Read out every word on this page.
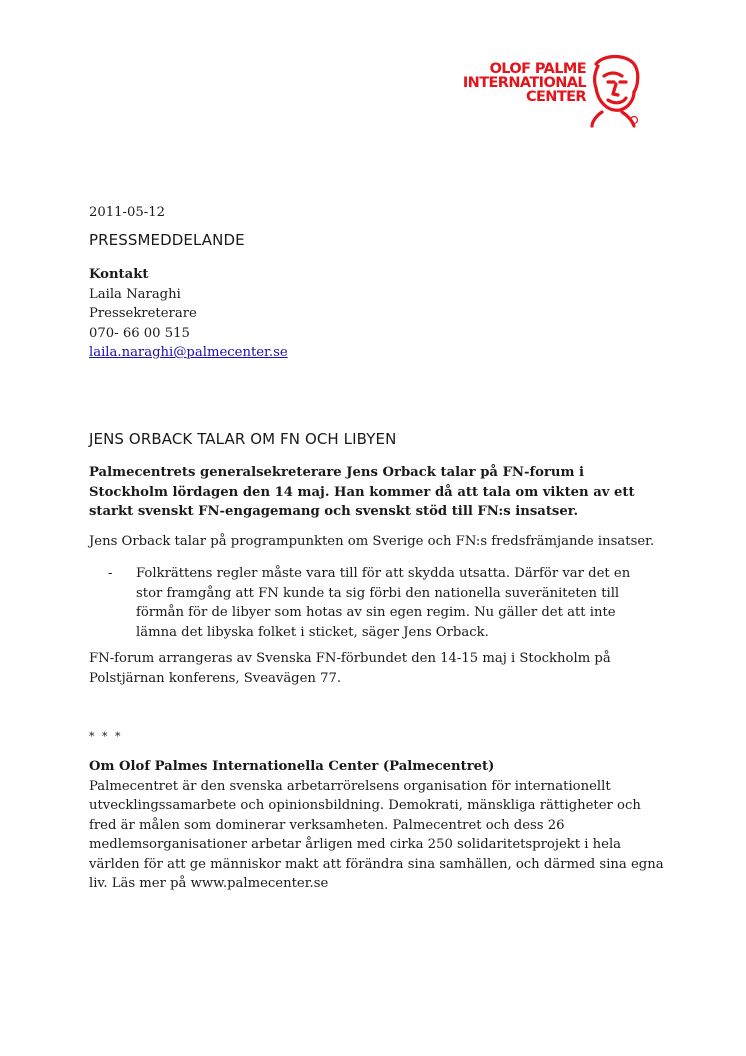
OLOF PALME
INTERNATIONAL
CENTER
2011-05-12
PRESSMEDDELANDE
Kontakt
Laila Naraghi
Pressekreterare
070- 66 00 515
laila.naraghi@palmecenter.se
JENS ORBACK TALAR OM FN OCH LIBYEN
Palmecentrets generalsekreterare Jens Orback talar på FN-forum i Stockholm lördagen den 14 maj. Han kommer då att tala om vikten av ett starkt svenskt FN-engagemang och svenskt stöd till FN:s insatser.
Jens Orback talar på programpunkten om Sverige och FN:s fredsfrämjande insatser.
- Folkrättens regler måste vara till för att skydda utsatta. Därför var det en stor framgång att FN kunde ta sig förbi den nationella suveräniteten till förmån för de libyer som hotas av sin egen regim. Nu gäller det att inte lämna det libyska folket i sticket, säger Jens Orback.
FN-forum arrangeras av Svenska FN-förbundet den 14-15 maj i Stockholm på Polstjärnan konferens, Sveavägen 77.
* * *
Om Olof Palmes Internationella Center (Palmecentret)
Palmecentret är den svenska arbetarrörelsens organisation för internationellt utvecklingssamarbete och opinionsbildning. Demokrati, mänskliga rättigheter och fred är målen som dominerar verksamheten. Palmecentret och dess 26 medlemsorganisationer arbetar årligen med cirka 250 solidaritetsprojekt i hela världen för att ge människor makt att förändra sina samhällen, och därmed sina egna liv. Läs mer på www.palmecenter.se
